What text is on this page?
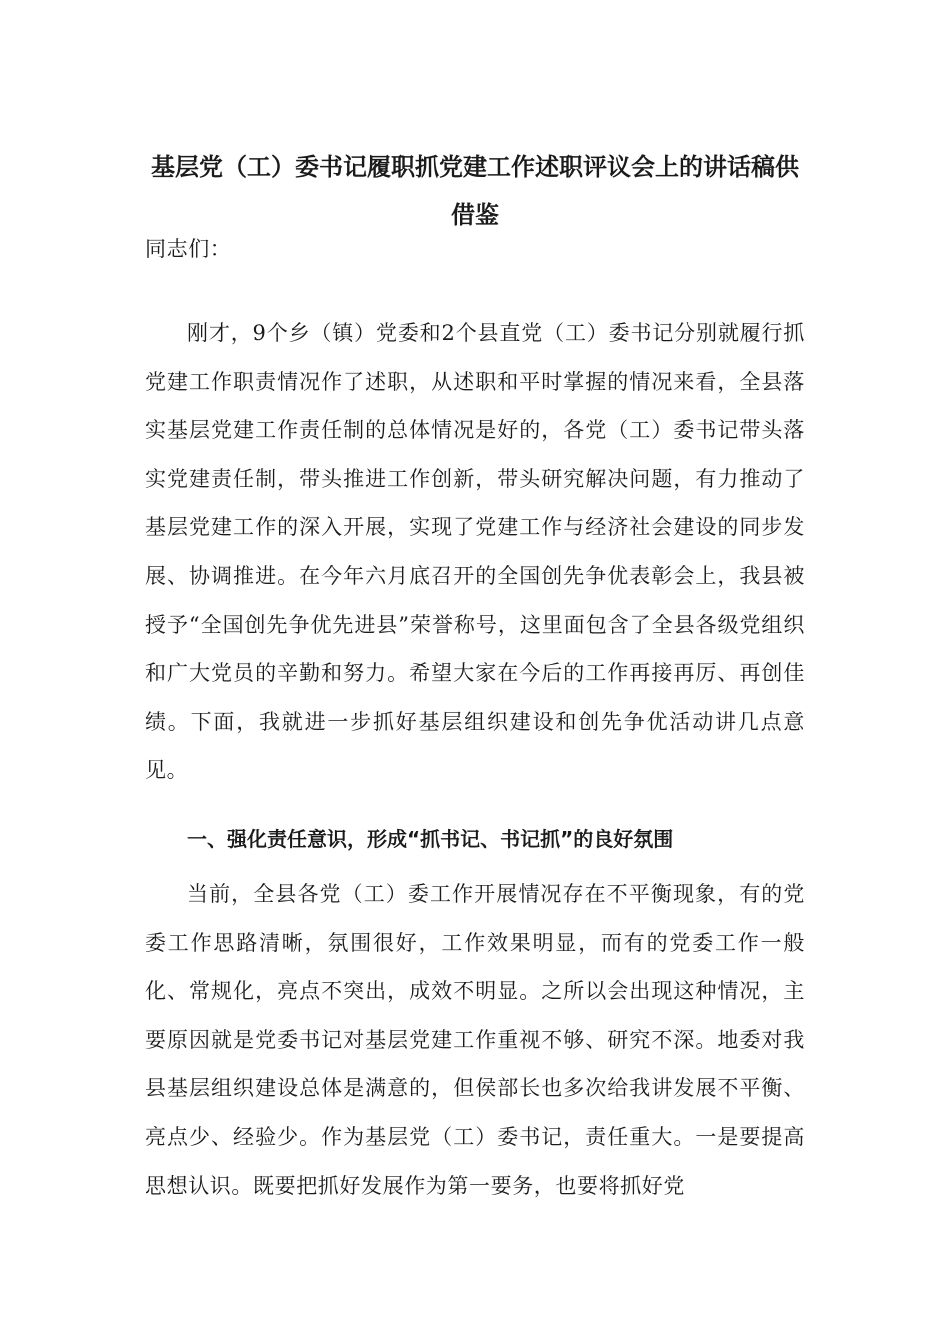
基层党（工）委书记履职抓党建工作述职评议会上的讲话稿供借鉴

同志们：

刚才，9个乡（镇）党委和2个县直党（工）委书记分别就履行抓党建工作职责情况作了述职，从述职和平时掌握的情况来看，全县落实基层党建工作责任制的总体情况是好的，各党（工）委书记带头落实党建责任制，带头推进工作创新，带头研究解决问题，有力推动了基层党建工作的深入开展，实现了党建工作与经济社会建设的同步发展、协调推进。在今年六月底召开的全国创先争优表彰会上，我县被授予“全国创先争优先进县”荣誉称号，这里面包含了全县各级党组织和广大党员的辛勤和努力。希望大家在今后的工作再接再厉、再创佳绩。下面，我就进一步抓好基层组织建设和创先争优活动讲几点意见。

一、强化责任意识，形成“抓书记、书记抓”的良好氛围

当前，全县各党（工）委工作开展情况存在不平衡现象，有的党委工作思路清晰，氛围很好，工作效果明显，而有的党委工作一般化、常规化，亮点不突出，成效不明显。之所以会出现这种情况，主要原因就是党委书记对基层党建工作重视不够、研究不深。地委对我县基层组织建设总体是满意的，但侯部长也多次给我讲发展不平衡、亮点少、经验少。作为基层党（工）委书记，责任重大。一是要提高思想认识。既要把抓好发展作为第一要务，也要将抓好党
